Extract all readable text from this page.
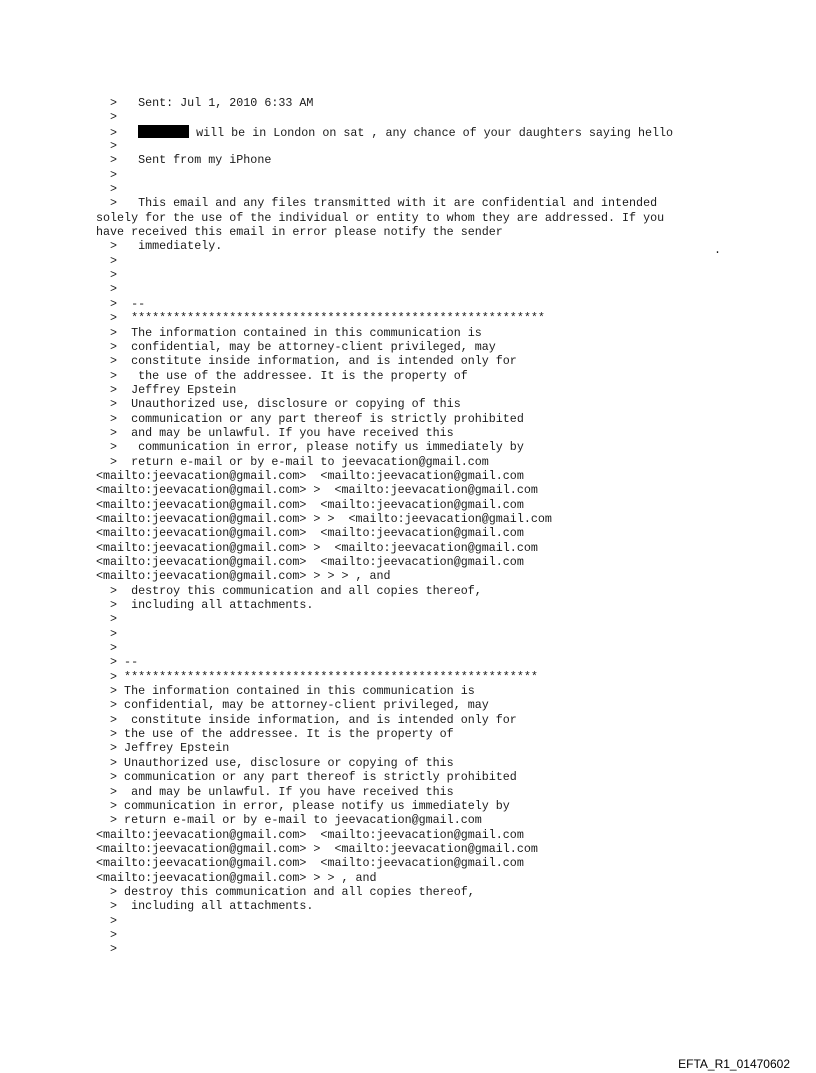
>   Sent: Jul 1, 2010 6:33 AM
>
>	will be in London on sat , any chance of your daughters saying hello
>
>   Sent from my iPhone
>
>
>   This email and any files transmitted with it are confidential and intended
solely for the use of the individual or entity to whom they are addressed. If you
have received this email in error please notify the sender
>   immediately.
>
>
>
>  --
>  ***********************************************************
>  The information contained in this communication is
>  confidential, may be attorney-client privileged, may
>  constitute inside information, and is intended only for
>   the use of the addressee. It is the property of
>  Jeffrey Epstein
>  Unauthorized use, disclosure or copying of this
>  communication or any part thereof is strictly prohibited
>  and may be unlawful. If you have received this
>   communication in error, please notify us immediately by
>  return e-mail or by e-mail to jeevacation@gmail.com
<mailto:jeevacation@gmail.com>  <mailto:jeevacation@gmail.com
<mailto:jeevacation@gmail.com> >  <mailto:jeevacation@gmail.com
<mailto:jeevacation@gmail.com>  <mailto:jeevacation@gmail.com
<mailto:jeevacation@gmail.com> > >  <mailto:jeevacation@gmail.com
<mailto:jeevacation@gmail.com>  <mailto:jeevacation@gmail.com
<mailto:jeevacation@gmail.com> >  <mailto:jeevacation@gmail.com
<mailto:jeevacation@gmail.com>  <mailto:jeevacation@gmail.com
<mailto:jeevacation@gmail.com> > > > , and
>  destroy this communication and all copies thereof,
>  including all attachments.
>
>
>
> --
> ***********************************************************
> The information contained in this communication is
> confidential, may be attorney-client privileged, may
>  constitute inside information, and is intended only for
> the use of the addressee. It is the property of
> Jeffrey Epstein
> Unauthorized use, disclosure or copying of this
> communication or any part thereof is strictly prohibited
>  and may be unlawful. If you have received this
> communication in error, please notify us immediately by
> return e-mail or by e-mail to jeevacation@gmail.com
<mailto:jeevacation@gmail.com>  <mailto:jeevacation@gmail.com
<mailto:jeevacation@gmail.com> >  <mailto:jeevacation@gmail.com
<mailto:jeevacation@gmail.com>  <mailto:jeevacation@gmail.com
<mailto:jeevacation@gmail.com> > > , and
> destroy this communication and all copies thereof,
>  including all attachments.
>
>
>
.
EFTA_R1_01470602
